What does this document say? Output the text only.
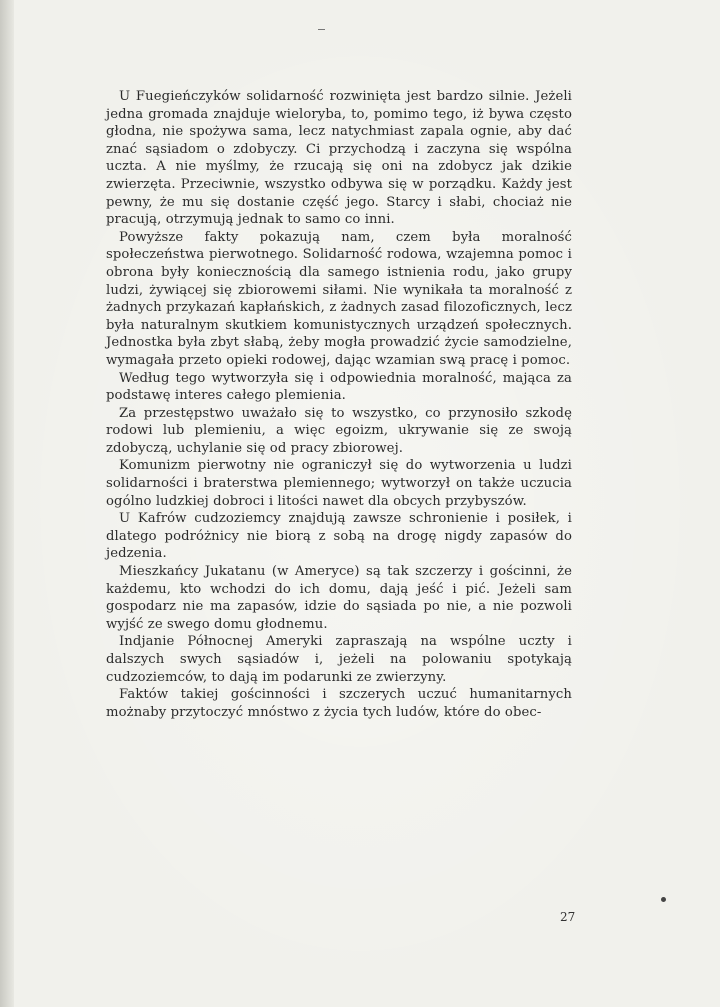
U Fuegieńczyków solidarność rozwinięta jest bardzo silnie. Jeżeli jedna gromada znajduje wieloryba, to, pomimo tego, iż bywa często głodna, nie spożywa sama, lecz natychmiast zapala ognie, aby dać znać sąsiadom o zdobyczy. Ci przychodzą i zaczyna się wspólna uczta. A nie myślmy, że rzucają się oni na zdobycz jak dzikie zwierzęta. Przeciwnie, wszystko odbywa się w porządku. Każdy jest pewny, że mu się dostanie część jego. Starcy i słabi, chociaż nie pracują, otrzymują jednak to samo co inni.

Powyższe fakty pokazują nam, czem była moralność społeczeństwa pierwotnego. Solidarność rodowa, wzajemna pomoc i obrona były koniecznością dla samego istnienia rodu, jako grupy ludzi, żywiącej się zbiorowemi siłami. Nie wynikała ta moralność z żadnych przykazań kapłańskich, z żadnych zasad filozoficznych, lecz była naturalnym skutkiem komunistycznych urządzeń społecznych. Jednostka była zbyt słabą, żeby mogła prowadzić życie samodzielne, wymagała przeto opieki rodowej, dając wzamian swą pracę i pomoc.

Według tego wytworzyła się i odpowiednia moralność, mająca za podstawę interes całego plemienia.

Za przestępstwo uważało się to wszystko, co przynosiło szkodę rodowi lub plemieniu, a więc egoizm, ukrywanie się ze swoją zdobyczą, uchylanie się od pracy zbiorowej.

Komunizm pierwotny nie ograniczył się do wytworzenia u ludzi solidarności i braterstwa plemiennego; wytworzył on także uczucia ogólno ludzkiej dobroci i litości nawet dla obcych przybyszów.

U Kafrów cudzoziemcy znajdują zawsze schronienie i posiłek, i dlatego podróżnicy nie biorą z sobą na drogę nigdy zapasów do jedzenia.

Mieszkańcy Jukatanu (w Ameryce) są tak szczerzy i gościnni, że każdemu, kto wchodzi do ich domu, dają jeść i pić. Jeżeli sam gospodarz nie ma zapasów, idzie do sąsiada po nie, a nie pozwoli wyjść ze swego domu głodnemu.

Indjanie Północnej Ameryki zapraszają na wspólne uczty i dalszych swych sąsiadów i, jeżeli na polowaniu spotykają cudzoziemców, to dają im podarunki ze zwierzyny.

Faktów takiej gościnności i szczerych uczuć humanitarnych możnaby przytoczyć mnóstwo z życia tych ludów, które do obec-

27
